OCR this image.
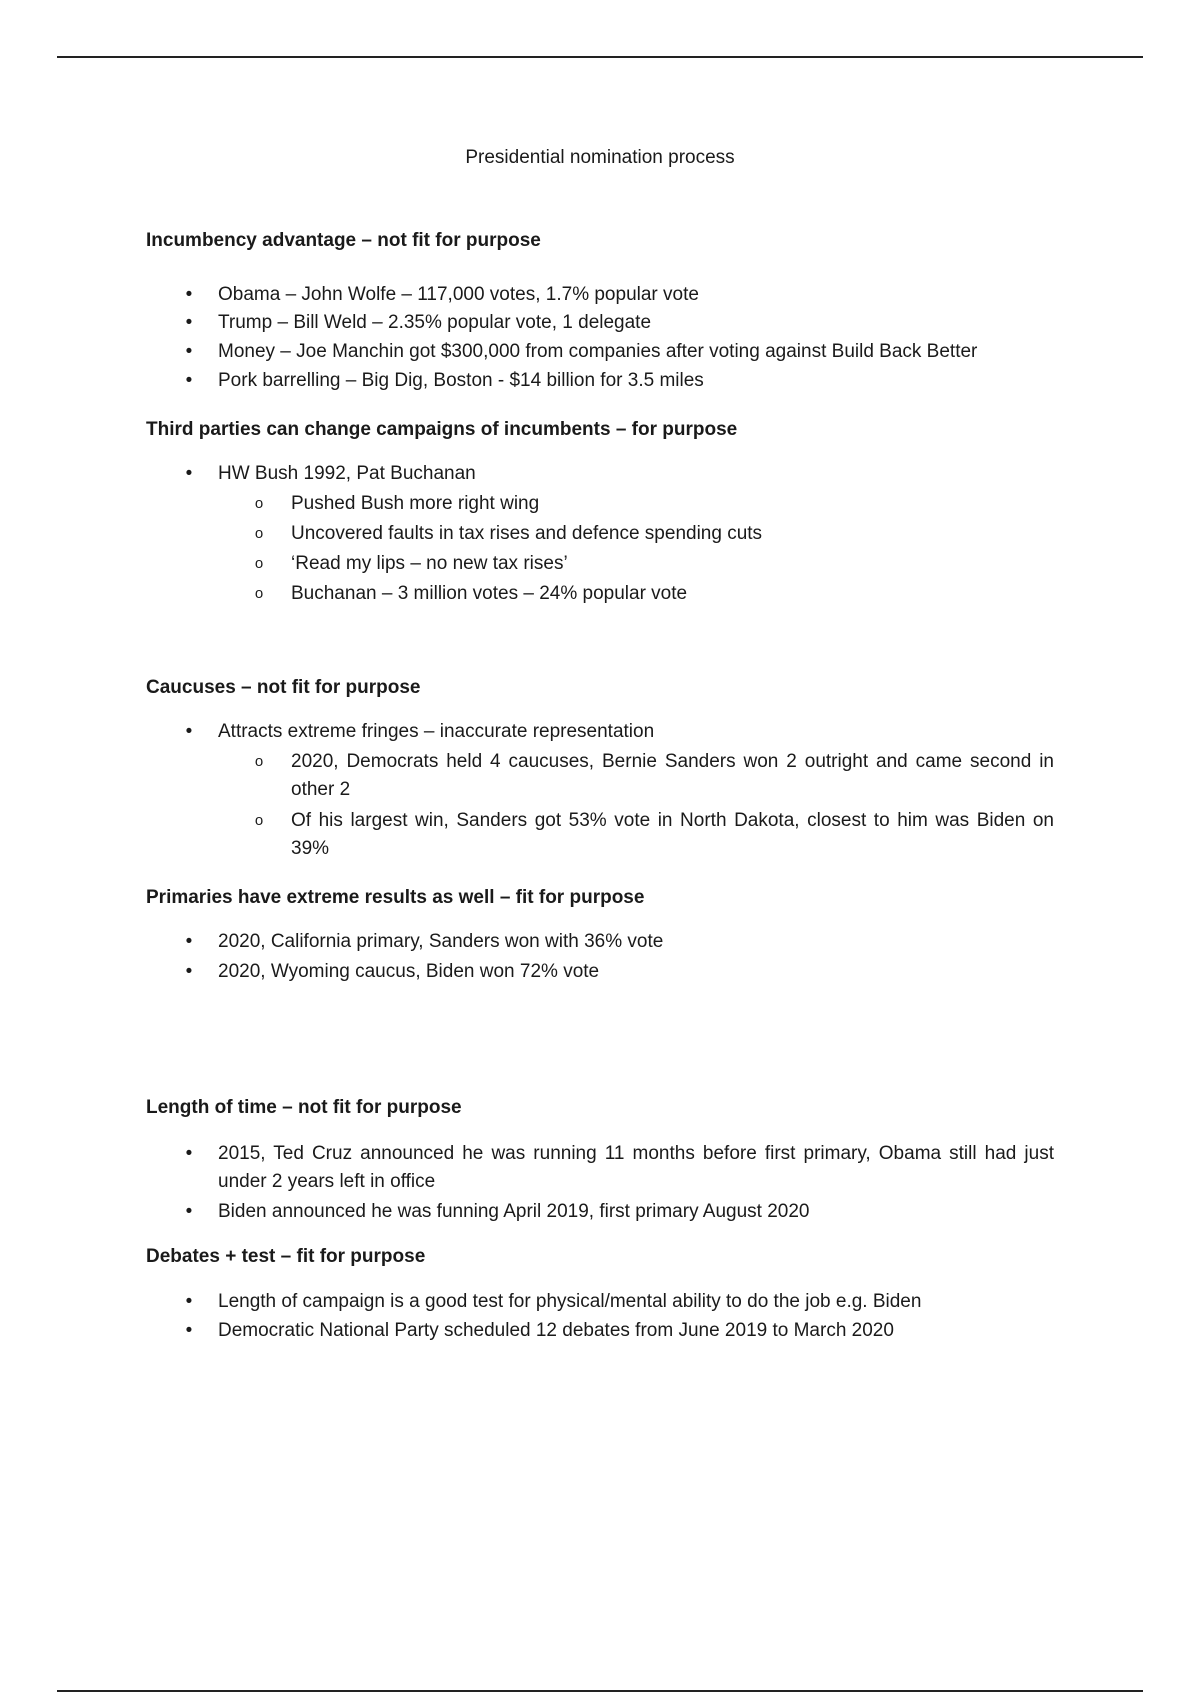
Presidential nomination process
Incumbency advantage – not fit for purpose
• Obama – John Wolfe – 117,000 votes, 1.7% popular vote
• Trump – Bill Weld – 2.35% popular vote, 1 delegate
• Money – Joe Manchin got $300,000 from companies after voting against Build Back Better
• Pork barrelling – Big Dig, Boston - $14 billion for 3.5 miles
Third parties can change campaigns of incumbents – for purpose
• HW Bush 1992, Pat Buchanan
o Pushed Bush more right wing
o Uncovered faults in tax rises and defence spending cuts
o ‘Read my lips – no new tax rises’
o Buchanan – 3 million votes – 24% popular vote
Caucuses – not fit for purpose
• Attracts extreme fringes – inaccurate representation
o 2020, Democrats held 4 caucuses, Bernie Sanders won 2 outright and came second in other 2
o Of his largest win, Sanders got 53% vote in North Dakota, closest to him was Biden on 39%
Primaries have extreme results as well – fit for purpose
• 2020, California primary, Sanders won with 36% vote
• 2020, Wyoming caucus, Biden won 72% vote
Length of time – not fit for purpose
• 2015, Ted Cruz announced he was running 11 months before first primary, Obama still had just under 2 years left in office
• Biden announced he was funning April 2019, first primary August 2020
Debates + test – fit for purpose
• Length of campaign is a good test for physical/mental ability to do the job e.g. Biden
• Democratic National Party scheduled 12 debates from June 2019 to March 2020
